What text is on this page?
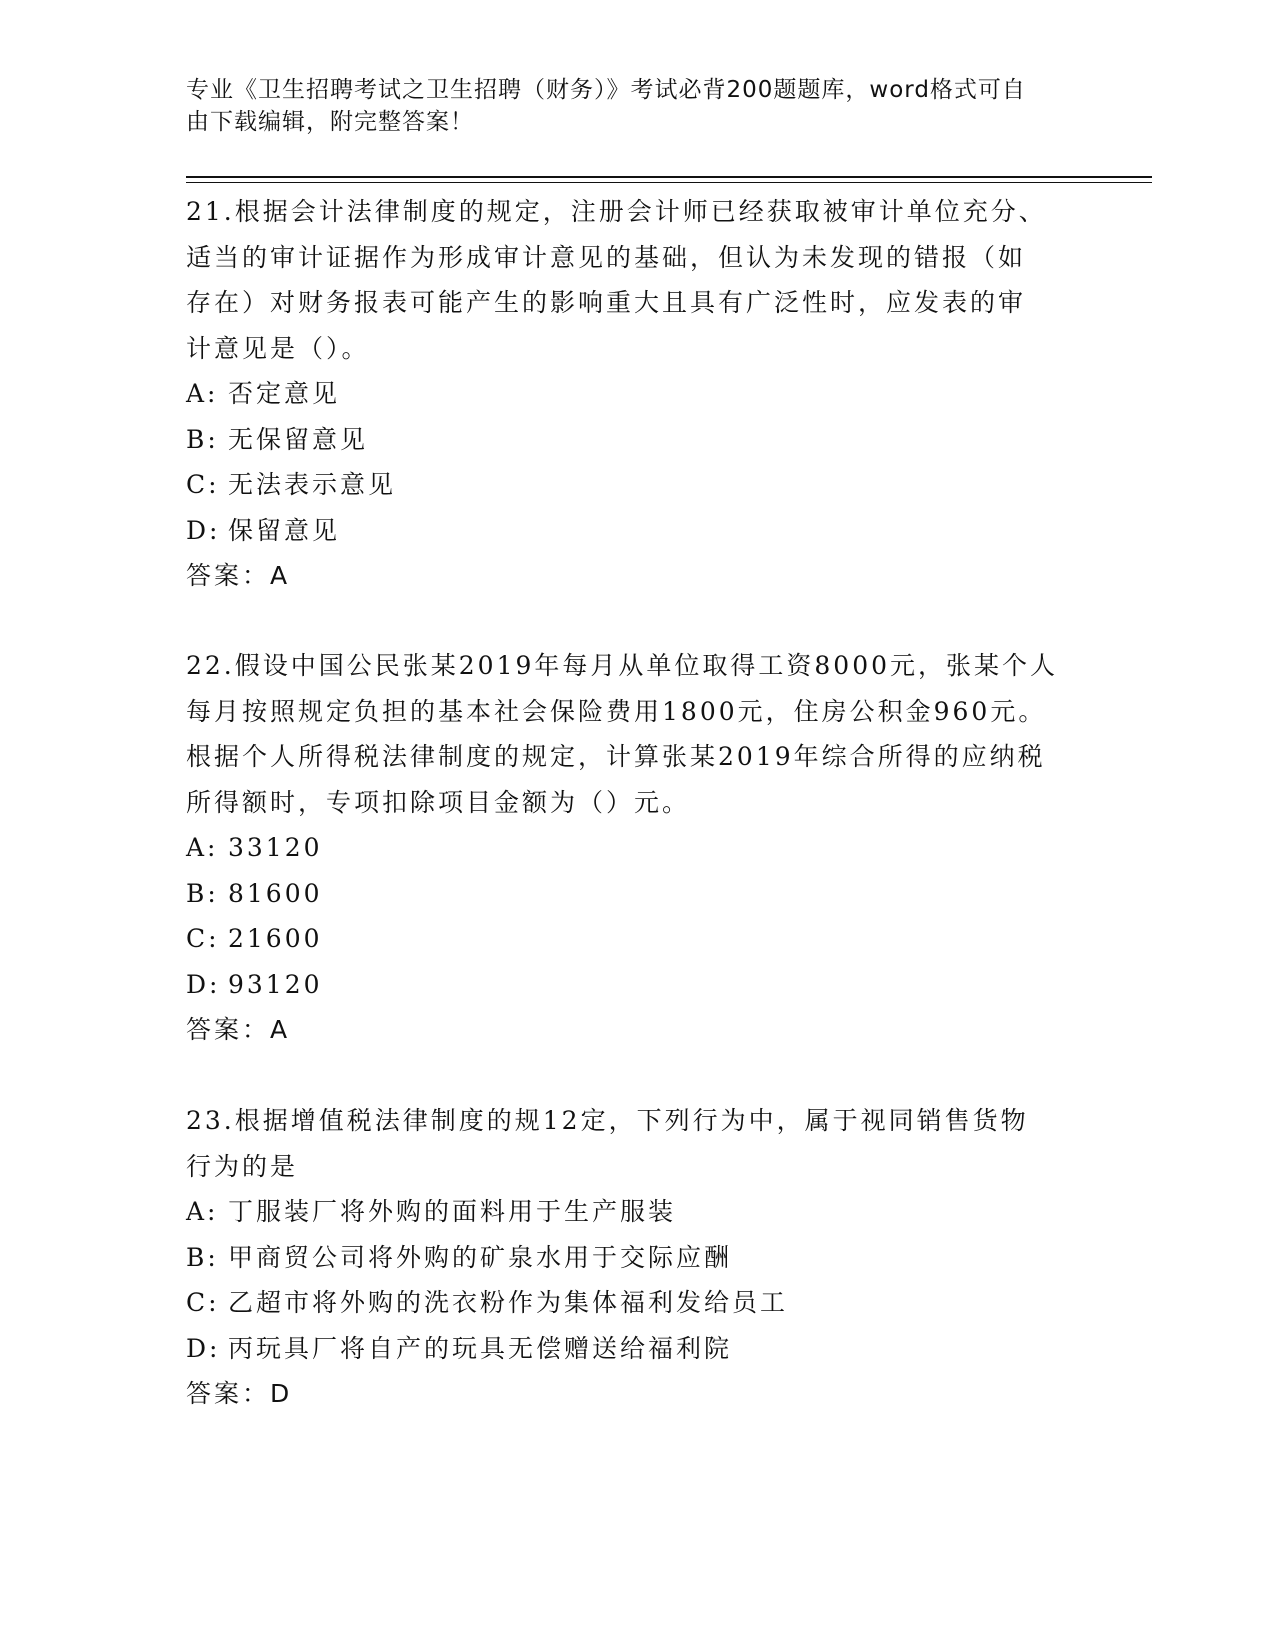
专业《卫生招聘考试之卫生招聘（财务）》考试必背200题题库，word格式可自
由下载编辑，附完整答案！

21.根据会计法律制度的规定，注册会计师已经获取被审计单位充分、

适当的审计证据作为形成审计意见的基础，但认为未发现的错报（如

存在）对财务报表可能产生的影响重大且具有广泛性时，应发表的审

计意见是（）。

A: 否定意见

B: 无保留意见

C: 无法表示意见

D: 保留意见

答案：A

22.假设中国公民张某2019年每月从单位取得工资8000元，张某个人

每月按照规定负担的基本社会保险费用1800元，住房公积金960元。

根据个人所得税法律制度的规定，计算张某2019年综合所得的应纳税

所得额时，专项扣除项目金额为（）元。

A: 33120

B: 81600

C: 21600

D: 93120

答案：A

23.根据增值税法律制度的规12定，下列行为中，属于视同销售货物

行为的是

A: 丁服装厂将外购的面料用于生产服装

B: 甲商贸公司将外购的矿泉水用于交际应酬

C: 乙超市将外购的洗衣粉作为集体福利发给员工

D: 丙玩具厂将自产的玩具无偿赠送给福利院

答案：D
